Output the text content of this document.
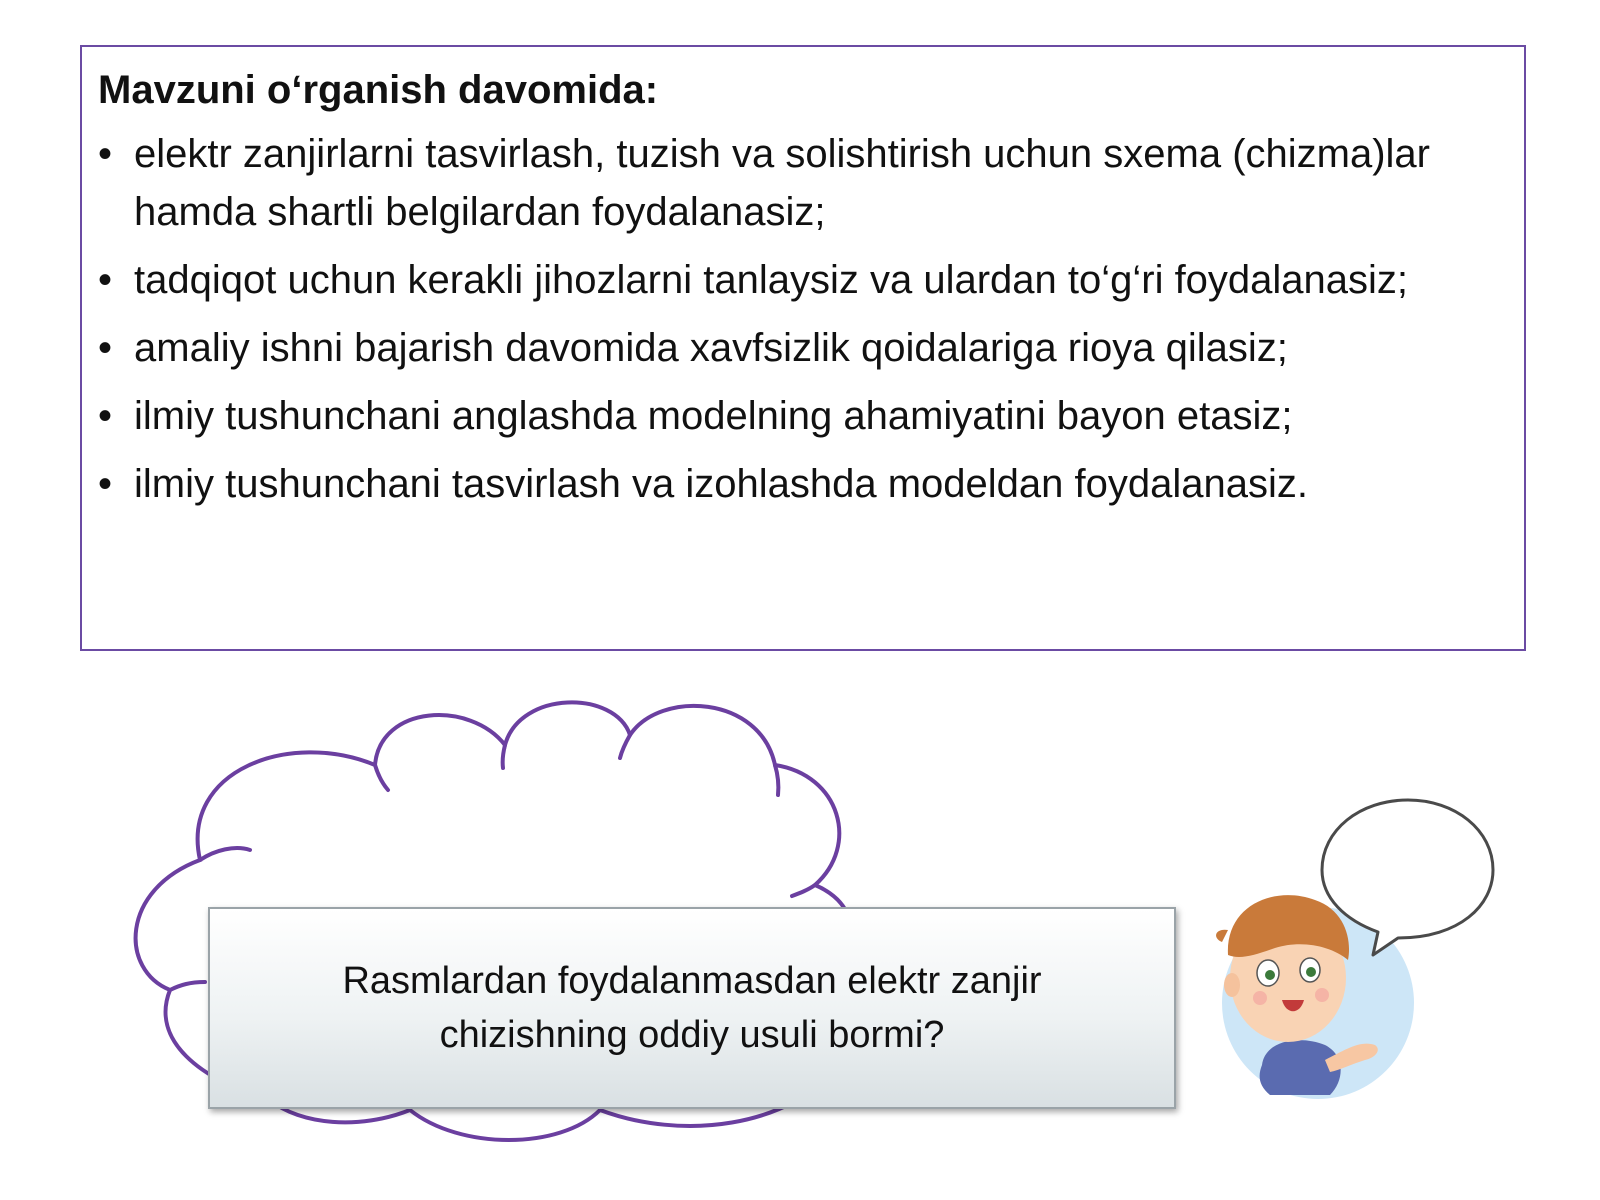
Mavzuni o‘rganish davomida:
• elektr zanjirlarni tasvirlash, tuzish va solishtirish uchun sxema (chizma)lar hamda shartli belgilardan foydalanasiz;
• tadqiqot uchun kerakli jihozlarni tanlaysiz va ulardan to‘g‘ri foydalanasiz;
• amaliy ishni bajarish davomida xavfsizlik qoidalariga rioya qilasiz;
• ilmiy tushunchani anglashda modelning ahamiyatini bayon etasiz;
• ilmiy tushunchani tasvirlash va izohlashda modeldan foydalanasiz.
Rasmlardan foydalanmasdan elektr zanjir chizishning oddiy usuli bormi?
